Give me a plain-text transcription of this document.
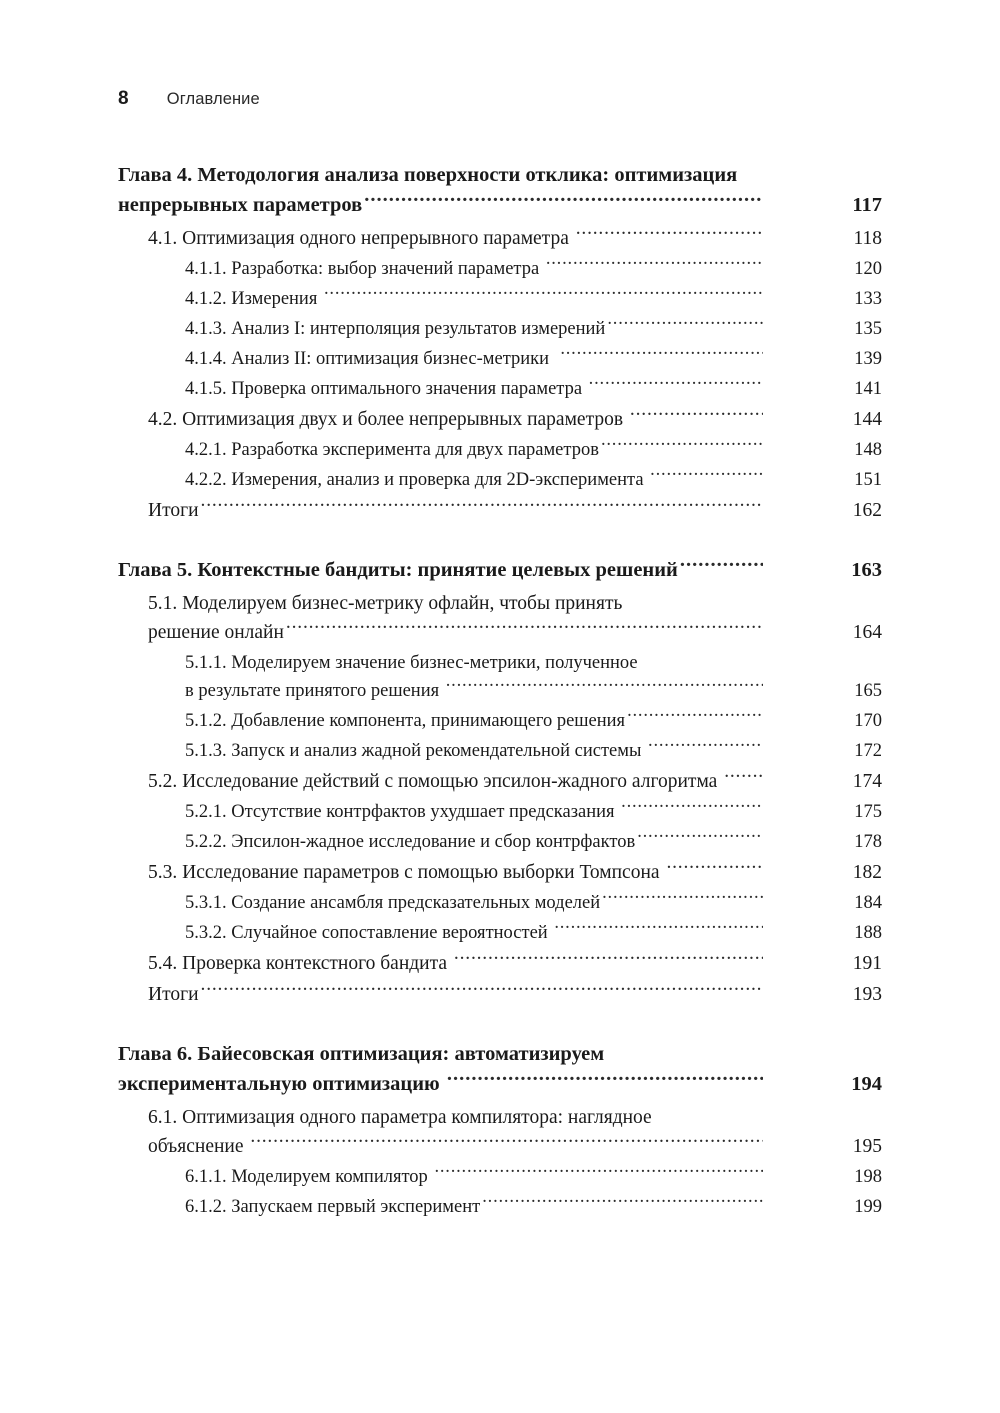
8 Оглавление
Глава 4. Методология анализа поверхности отклика: оптимизация
непрерывных параметров .....	117
4.1. Оптимизация одного непрерывного параметра .....	118
4.1.1. Разработка: выбор значений параметра .....	120
4.1.2. Измерения .....	133
4.1.3. Анализ I: интерполяция результатов измерений .....	135
4.1.4. Анализ II: оптимизация бизнес-метрики .....	139
4.1.5. Проверка оптимального значения параметра .....	141
4.2. Оптимизация двух и более непрерывных параметров .....	144
4.2.1. Разработка эксперимента для двух параметров .....	148
4.2.2. Измерения, анализ и проверка для 2D-эксперимента .....	151
Итоги .....	162
Глава 5. Контекстные бандиты: принятие целевых решений .....	163
5.1. Моделируем бизнес-метрику офлайн, чтобы принять
решение онлайн .....	164
5.1.1. Моделируем значение бизнес-метрики, полученное
в результате принятого решения .....	165
5.1.2. Добавление компонента, принимающего решения .....	170
5.1.3. Запуск и анализ жадной рекомендательной системы .....	172
5.2. Исследование действий с помощью эпсилон-жадного алгоритма .....	174
5.2.1. Отсутствие контрфактов ухудшает предсказания .....	175
5.2.2. Эпсилон-жадное исследование и сбор контрфактов .....	178
5.3. Исследование параметров с помощью выборки Томпсона .....	182
5.3.1. Создание ансамбля предсказательных моделей .....	184
5.3.2. Случайное сопоставление вероятностей .....	188
5.4. Проверка контекстного бандита .....	191
Итоги .....	193
Глава 6. Байесовская оптимизация: автоматизируем
экспериментальную оптимизацию .....	194
6.1. Оптимизация одного параметра компилятора: наглядное
объяснение .....	195
6.1.1. Моделируем компилятор .....	198
6.1.2. Запускаем первый эксперимент .....	199
